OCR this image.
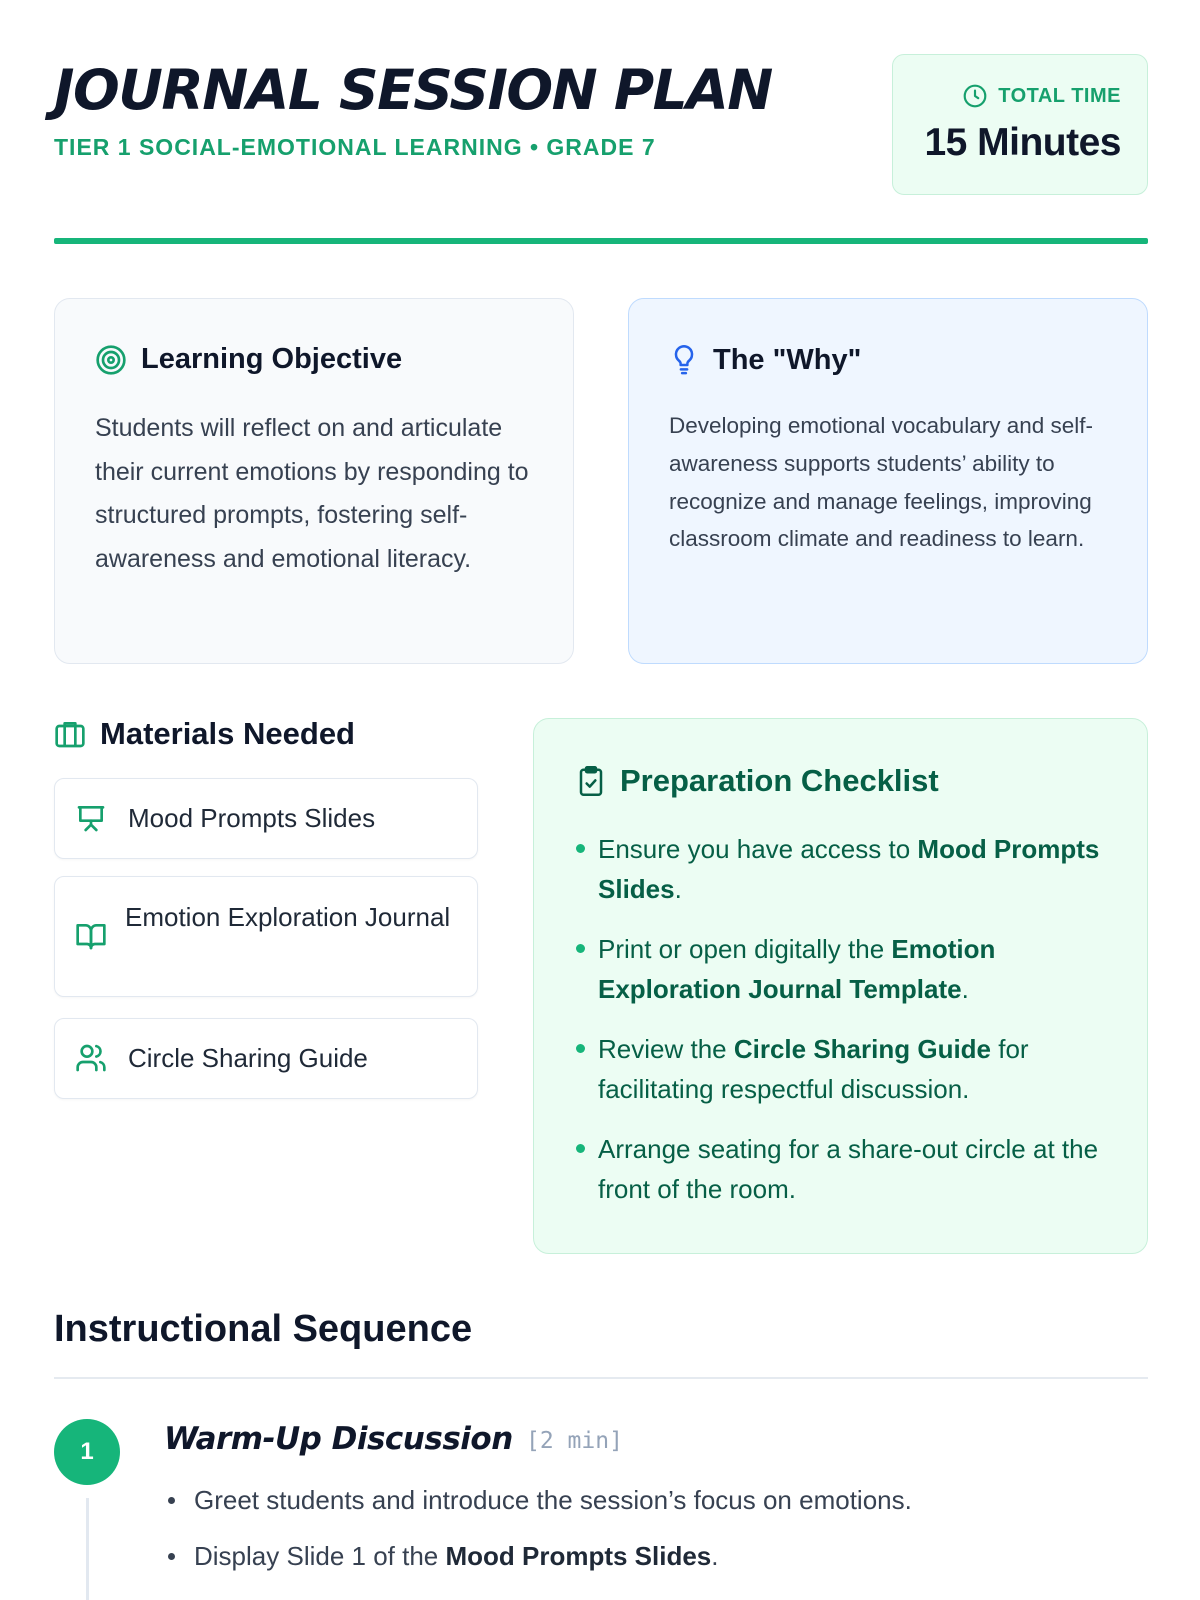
JOURNAL SESSION PLAN
TIER 1 SOCIAL-EMOTIONAL LEARNING • GRADE 7
TOTAL TIME
15 Minutes
Learning Objective

Students will reflect on and articulate their current emotions by responding to structured prompts, fostering self-awareness and emotional literacy.

The "Why"

Developing emotional vocabulary and self-awareness supports students’ ability to recognize and manage feelings, improving classroom climate and readiness to learn.

Materials Needed
Mood Prompts Slides
Emotion Exploration Journal
Circle Sharing Guide
Preparation Checklist
Ensure you have access to Mood Prompts Slides.
Print or open digitally the Emotion Exploration Journal Template.
Review the Circle Sharing Guide for facilitating respectful discussion.
Arrange seating for a share-out circle at the front of the room.
Instructional Sequence
1	Warm-Up Discussion [2 min]
Greet students and introduce the session’s focus on emotions.
Display Slide 1 of the Mood Prompts Slides.
